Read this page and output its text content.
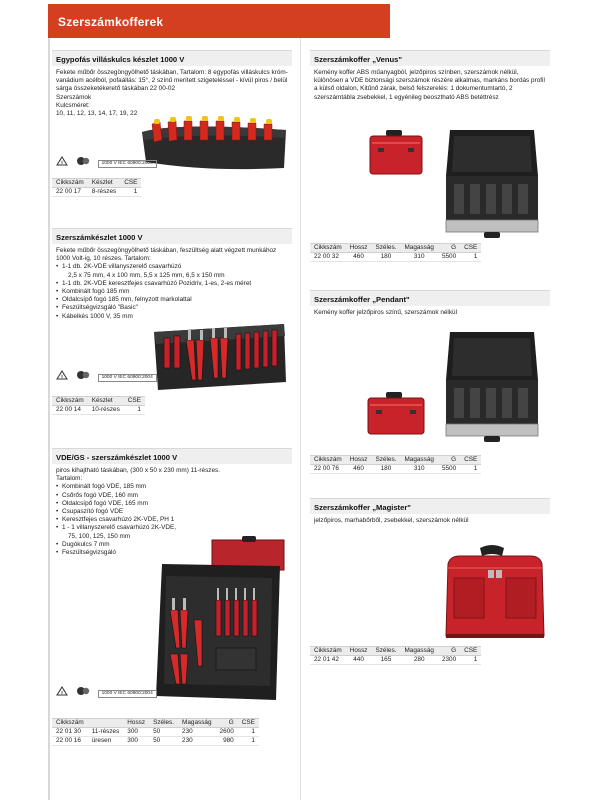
Szerszámkofferek
Egypofás villáskulcs készlet 1000 V

Fekete műbőr összegöngyölhető táskában, Tartalom: 8 egypofás villáskulcs króm-vanádium acélból, pofaállás: 15°, 2 színű merített szigeteléssel - kívül piros / belül sárga összeketékerető táskában 22 00-02

Szerszámok

Kulcsméret:

10, 11, 12, 13, 14, 17, 19, 22

V	1000 V IEC 60900:2004
Cikkszám	Készlet	CSE
22 00 17	8-részes	1
Szerszámkészlet 1000 V

Fekete műbőr összegöngyölhető táskában, feszültség alatt végzett munkához 1000 Volt-ig, 10 részes. Tartalom:

• 1-1 db. 2K-VDE villanyszerelő csavarhúzó
2,5 x 75 mm, 4 x 100 mm, 5,5 x 125 mm, 6,5 x 150 mm
• 1-1 db. 2K-VDE keresztfejes csavarhúzó Pozidriv, 1-es, 2-es méret
• Kombinált fogó 185 mm
• Oldalcsípő fogó 185 mm, felnyzott markolattal
• Feszültségvizsgáló "Basic"
• Kábelkés 1000 V, 35 mm
V	1000 V IEC 60900:2004
Cikkszám	Készlet	CSE
22 00 14	10-részes	1
VDE/GS - szerszámkészlet 1000 V

piros kihajtható táskában, (300 x 50 x 230 mm) 11-részes.

Tartalom:

• Kombinált fogó VDE, 185 mm
• Csőrős fogó VDE, 160 mm
• Oldalcsípő fogó VDE, 165 mm
• Csupaszító fogó VDE
• Keresztfejes csavarhúzó 2K-VDE, PH 1
• 1 - 1 villanyszerelő csavarhúzó 2K-VDE,
75, 100, 125, 150 mm
• Dugókulcs 7 mm
• Feszültségvizsgáló
V	1000 V IEC 60900:2004
Cikkszám		Hossz	Széles.	Magasság	G	CSE
22 01 30	11-részes	300	50	230	2600	1
22 00 16	üresen	300	50	230	980	1
Szerszámkoffer „Venus"

Kemény koffer ABS műanyagból, jelzőpiros színben, szerszámok nélkül, különösen a VDE biztonsági szerszámok részére alkalmas, markáns bordás profil a külső oldalon, Kitűnő zárak, belső felszerelés: 1 dokumentumtartó, 2 szerszámtábla zsebekkel, 1 egyénileg beosztható ABS betéttrész

Cikkszám	Hossz	Széles.	Magasság	G	CSE
22 00 32	460	180	310	5500	1
Szerszámkoffer „Pendant"

Kemény koffer jelzőpiros színű, szerszámok nélkül

Cikkszám	Hossz	Széles.	Magasság	G	CSE
22 00 76	460	180	310	5500	1
Szerszámkoffer „Magister"

jelzőpiros, marhabőrből, zsebekkel, szerszámok nélkül

Cikkszám	Hossz	Széles.	Magasság	G	CSE
22 01 42	440	165	280	2300	1
